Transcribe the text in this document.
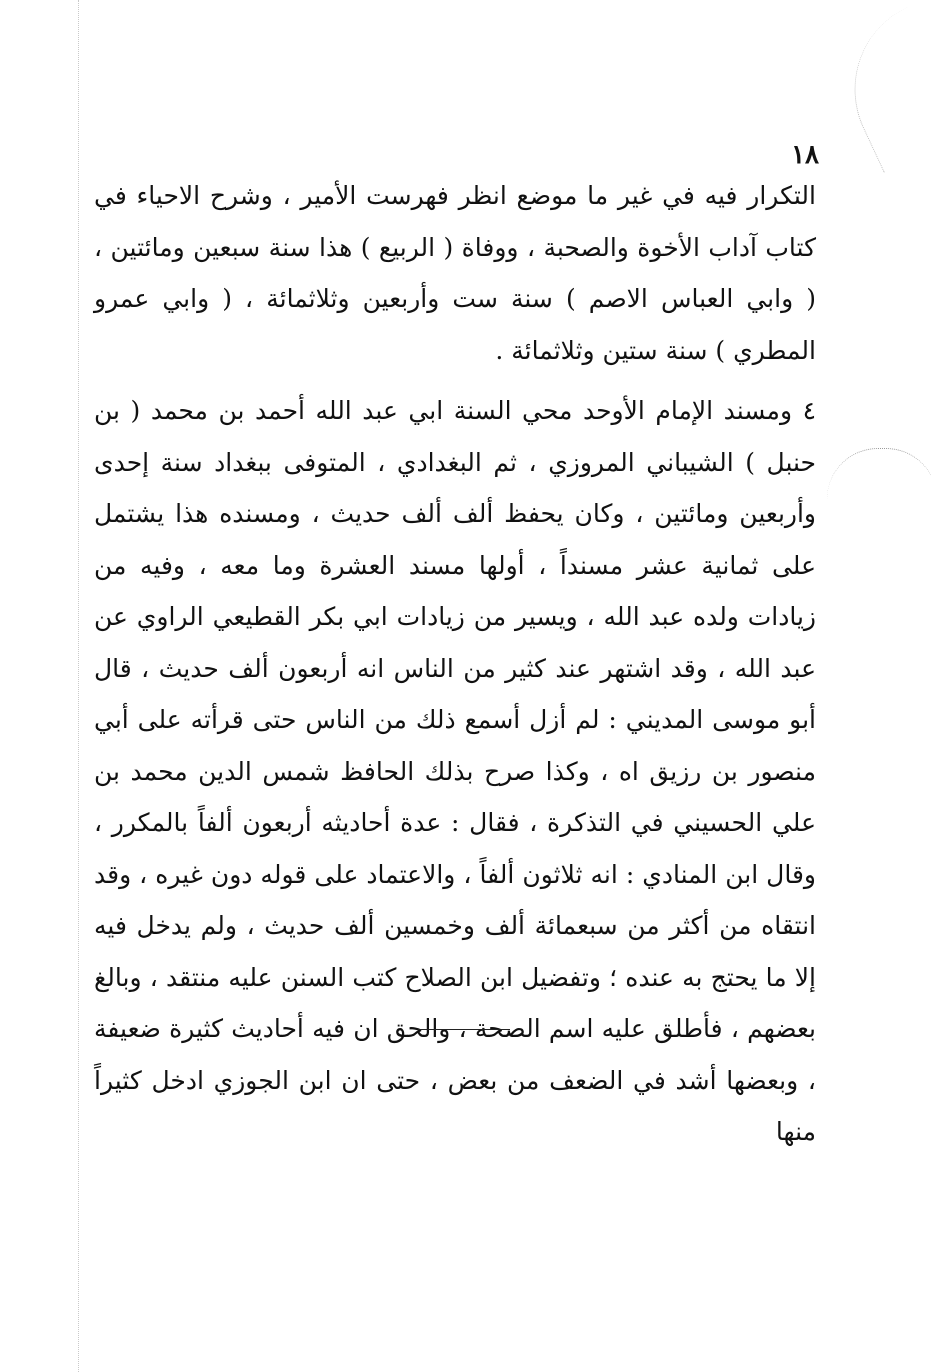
١٨

التكرار فيه في غير ما موضع انظر فهرست الأمير ، وشرح الاحياء في كتاب آداب الأخوة والصحبة ، ووفاة ( الربيع ) هذا سنة سبعين ومائتين ، ( وابي العباس الاصم ) سنة ست وأربعين وثلاثمائة ، ( وابي عمرو المطري ) سنة ستين وثلاثمائة .

٤ ومسند الإمام الأوحد محي السنة ابي عبد الله أحمد بن محمد ( بن حنبل ) الشيباني المروزي ، ثم البغدادي ، المتوفى ببغداد سنة إحدى وأربعين ومائتين ، وكان يحفظ ألف ألف حديث ، ومسنده هذا يشتمل على ثمانية عشر مسنداً ، أولها مسند العشرة وما معه ، وفيه من زيادات ولده عبد الله ، ويسير من زيادات ابي بكر القطيعي الراوي عن عبد الله ، وقد اشتهر عند كثير من الناس انه أربعون ألف حديث ، قال أبو موسى المديني : لم أزل أسمع ذلك من الناس حتى قرأته على أبي منصور بن رزيق اه ، وكذا صرح بذلك الحافظ شمس الدين محمد بن علي الحسيني في التذكرة ، فقال : عدة أحاديثه أربعون ألفاً بالمكرر ، وقال ابن المنادي : انه ثلاثون ألفاً ، والاعتماد على قوله دون غيره ، وقد انتقاه من أكثر من سبعمائة ألف وخمسين ألف حديث ، ولم يدخل فيه إلا ما يحتج به عنده ؛ وتفضيل ابن الصلاح كتب السنن عليه منتقد ، وبالغ بعضهم ، فأطلق عليه اسم الصحة ، والحق ان فيه أحاديث كثيرة ضعيفة ، وبعضها أشد في الضعف من بعض ، حتى ان ابن الجوزي ادخل كثيراً منها
